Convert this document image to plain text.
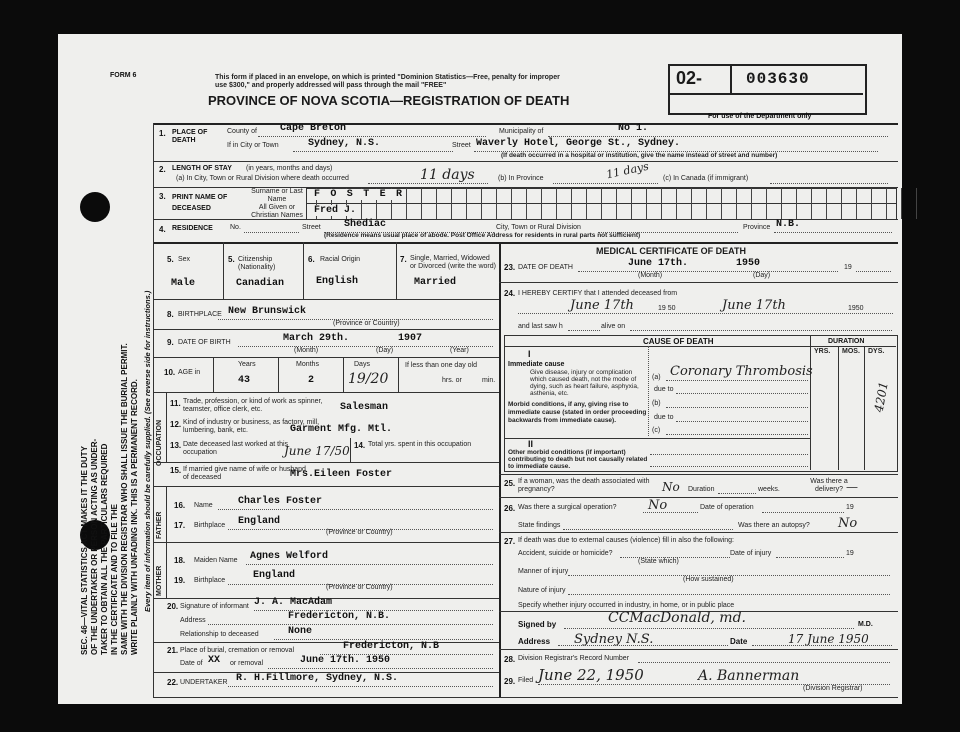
FORM 6	This form if placed in an envelope, on which is printed "Dominion Statistics—Free, penalty for improper
use $300," and properly addressed will pass through the mail "FREE"
PROVINCE OF NOVA SCOTIA—REGISTRATION OF DEATH
02-	003630
For use of the Department only
1. PLACE OF DEATH
County of Cape Breton	Municipality of	No 1.
If in City or Town	Sydney, N.S.	Street Waverly Hotel, George St., Sydney.
(If death occurred in a hospital or institution, give the name instead of street and number)
2. LENGTH OF STAY (in years, months and days)
(a) In City, Town or Rural Division where death occurred	11 days	(b) In Province	11 days (c) In Canada (if immigrant)
3. PRINT NAME OF DECEASED
Surname or Last Name
All Given or Christian Names
F O S T E R
Fred J.
4. RESIDENCE No.	Street Shediac	City, Town or Rural Division	Province N.B.
(Residence means usual place of abode. Post Office Address for residents in rural parts not sufficient)
5. Sex
Male
5. Citizenship (Nationality)
Canadian
6. Racial Origin
English
7. Single, Married, Widowed or Divorced (write the word)
Married
8. BIRTHPLACE New Brunswick
(Province or Country)
9. DATE OF BIRTH	March 29th.	1907
(Month)	(Day)	(Year)
10. AGE in
Years
43
Months
2
Days
19/20
If less than one day old
hrs. or	min.
OCCUPATION
11. Trade, profession, or kind of work as spinner, teamster, office clerk, etc.	Salesman
12. Kind of industry or business, as factory, mill, lumbering, bank, etc.	Garment Mfg. Mtl.
13. Date deceased last worked at this occupation	June 17/50 14. Total yrs. spent in this occupation
15. If married give name of wife or husband of deceased	Mrs.Eileen Foster
FATHER
16. Name	Charles Foster
17. Birthplace England
(Province or Country)
MOTHER
18. Maiden Name Agnes Welford
19. Birthplace	England
(Province or Country)
20. Signature of informant J. A. MacAdam
Address	Fredericton, N.B.
Relationship to deceased	None
21. Place of burial, cremation or removal	Fredericton, N.B
Date of XX or removal	June 17th. 1950
22. UNDERTAKER R. H.Fillmore, Sydney, N.S.
MEDICAL CERTIFICATE OF DEATH
23. DATE OF DEATH	June 17th.	1950
(Month)	(Day)
19
24. I HEREBY CERTIFY that I attended deceased from
June 17th	June 17th
19 50	1950
and last saw h	alive on
CAUSE OF DEATH	DURATION
YRS. MOS. DYS.
I
Immediate cause
Give disease, injury or complication which caused death, not the mode of dying, such as heart failure, asphyxia, asthenia, etc.
(a) Coronary Thrombosis
due to
(b)
due to
(c)
Morbid conditions, if any, giving rise to immediate cause (stated in order proceeding backwards from immediate cause).
II
Other morbid conditions (if important) contributing to death but not causally related to immediate cause.
4201
25. If a woman, was the death associated with pregnancy?	No Duration	weeks.
Was there a delivery? —
26. Was there a surgical operation? No	Date of operation	19
State findings	Was there an autopsy? No
27. If death was due to external causes (violence) fill in also the following:
Accident, suicide or homicide?	Date of injury	19
(State which)
Manner of injury
(How sustained)
Nature of injury
Specify whether injury occurred in industry, in home, or in public place
Signed by	CCMacDonald, md.	M.D.
Address Sydney N.S.	Date	17 June 1950
28. Division Registrar's Record Number
29. Filed June 22, 1950	A. Bannerman
(Division Registrar)
SEC. 46—VITAL STATISTICS ACT MAKES IT THE DUTY OF THE UNDERTAKER OR PERSON ACTING AS UNDER- TAKER TO OBTAIN ALL THE PARTICULARS REQUIRED IN THE CERTIFICATE AND TO FILE THE SAME WITH THE DIVISION REGISTRAR WHO SHALL ISSUE THE BURIAL PERMIT. WRITE PLAINLY WITH UNFADING INK. THIS IS A PERMANENT RECORD. Every item of information should be carefully supplied. (See reverse side for instructions.)
